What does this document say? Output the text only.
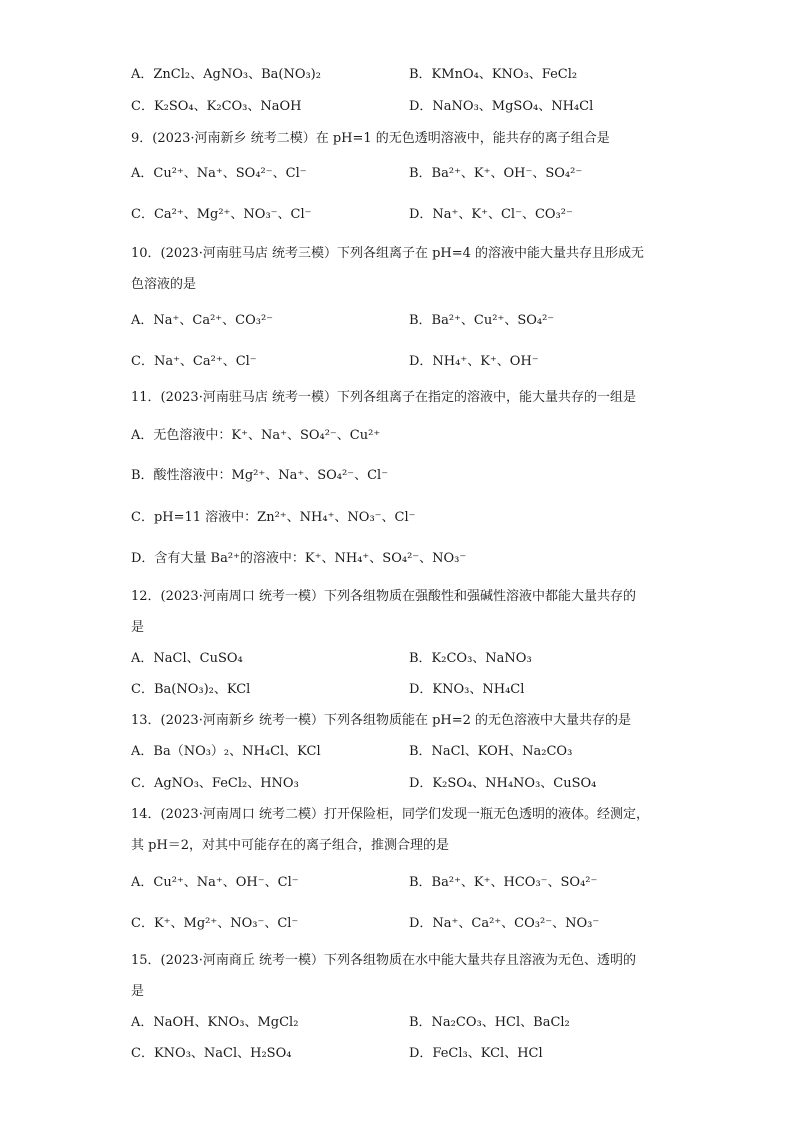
A．ZnCl₂、AgNO₃、Ba(NO₃)₂	B．KMnO₄、KNO₃、FeCl₂
C．K₂SO₄、K₂CO₃、NaOH	D．NaNO₃、MgSO₄、NH₄Cl
9．(2023·河南新乡 统考二模）在 pH=1 的无色透明溶液中，能共存的离子组合是
A．Cu²⁺、Na⁺、SO₄²⁻、Cl⁻	B．Ba²⁺、K⁺、OH⁻、SO₄²⁻
C．Ca²⁺、Mg²⁺、NO₃⁻、Cl⁻	D．Na⁺、K⁺、Cl⁻、CO₃²⁻
10．(2023·河南驻马店 统考三模）下列各组离子在 pH=4 的溶液中能大量共存且形成无
色溶液的是
A．Na⁺、Ca²⁺、CO₃²⁻	B．Ba²⁺、Cu²⁺、SO₄²⁻
C．Na⁺、Ca²⁺、Cl⁻	D．NH₄⁺、K⁺、OH⁻
11．(2023·河南驻马店 统考一模）下列各组离子在指定的溶液中，能大量共存的一组是
A．无色溶液中：K⁺、Na⁺、SO₄²⁻、Cu²⁺
B．酸性溶液中：Mg²⁺、Na⁺、SO₄²⁻、Cl⁻
C．pH=11 溶液中：Zn²⁺、NH₄⁺、NO₃⁻、Cl⁻
D．含有大量 Ba²⁺的溶液中：K⁺、NH₄⁺、SO₄²⁻、NO₃⁻
12．(2023·河南周口 统考一模）下列各组物质在强酸性和强碱性溶液中都能大量共存的
是
A．NaCl、CuSO₄	B．K₂CO₃、NaNO₃
C．Ba(NO₃)₂、KCl	D．KNO₃、NH₄Cl
13．(2023·河南新乡 统考一模）下列各组物质能在 pH=2 的无色溶液中大量共存的是
A．Ba（NO₃）₂、NH₄Cl、KCl	B．NaCl、KOH、Na₂CO₃
C．AgNO₃、FeCl₂、HNO₃	D．K₂SO₄、NH₄NO₃、CuSO₄
14．(2023·河南周口 统考二模）打开保险柜，同学们发现一瓶无色透明的液体。经测定，
其 pH＝2，对其中可能存在的离子组合，推测合理的是
A．Cu²⁺、Na⁺、OH⁻、Cl⁻	B．Ba²⁺、K⁺、HCO₃⁻、SO₄²⁻
C．K⁺、Mg²⁺、NO₃⁻、Cl⁻	D．Na⁺、Ca²⁺、CO₃²⁻、NO₃⁻
15．(2023·河南商丘 统考一模）下列各组物质在水中能大量共存且溶液为无色、透明的
是
A．NaOH、KNO₃、MgCl₂	B．Na₂CO₃、HCl、BaCl₂
C．KNO₃、NaCl、H₂SO₄	D．FeCl₃、KCl、HCl
